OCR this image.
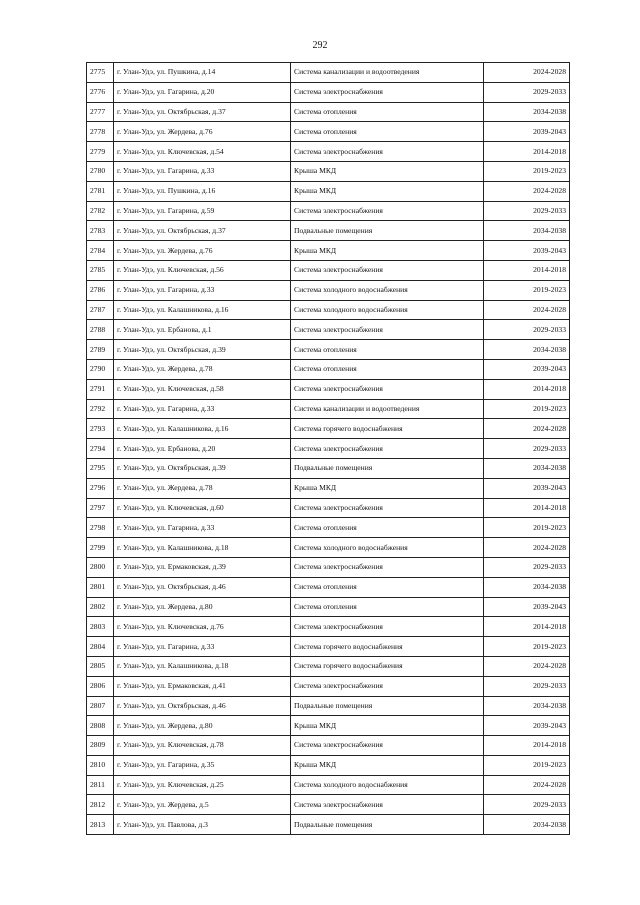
292
2775	г. Улан-Удэ, ул. Пушкина, д.14	Система канализации и водоотведения	2024-2028
2776	г. Улан-Удэ, ул. Гагарина, д.20	Система электроснабжения	2029-2033
2777	г. Улан-Удэ, ул. Октябрьская, д.37	Система отопления	2034-2038
2778	г. Улан-Удэ, ул. Жердева, д.76	Система отопления	2039-2043
2779	г. Улан-Удэ, ул. Ключевская, д.54	Система электроснабжения	2014-2018
2780	г. Улан-Удэ, ул. Гагарина, д.33	Крыша МКД	2019-2023
2781	г. Улан-Удэ, ул. Пушкина, д.16	Крыша МКД	2024-2028
2782	г. Улан-Удэ, ул. Гагарина, д.59	Система электроснабжения	2029-2033
2783	г. Улан-Удэ, ул. Октябрьская, д.37	Подвальные помещения	2034-2038
2784	г. Улан-Удэ, ул. Жердева, д.76	Крыша МКД	2039-2043
2785	г. Улан-Удэ, ул. Ключевская, д.56	Система электроснабжения	2014-2018
2786	г. Улан-Удэ, ул. Гагарина, д.33	Система холодного водоснабжения	2019-2023
2787	г. Улан-Удэ, ул. Калашникова, д.16	Система холодного водоснабжения	2024-2028
2788	г. Улан-Удэ, ул. Ербанова, д.1	Система электроснабжения	2029-2033
2789	г. Улан-Удэ, ул. Октябрьская, д.39	Система отопления	2034-2038
2790	г. Улан-Удэ, ул. Жердева, д.78	Система отопления	2039-2043
2791	г. Улан-Удэ, ул. Ключевская, д.58	Система электроснабжения	2014-2018
2792	г. Улан-Удэ, ул. Гагарина, д.33	Система канализации и водоотведения	2019-2023
2793	г. Улан-Удэ, ул. Калашникова, д.16	Система горячего водоснабжения	2024-2028
2794	г. Улан-Удэ, ул. Ербанова, д.20	Система электроснабжения	2029-2033
2795	г. Улан-Удэ, ул. Октябрьская, д.39	Подвальные помещения	2034-2038
2796	г. Улан-Удэ, ул. Жердева, д.78	Крыша МКД	2039-2043
2797	г. Улан-Удэ, ул. Ключевская, д.60	Система электроснабжения	2014-2018
2798	г. Улан-Удэ, ул. Гагарина, д.33	Система отопления	2019-2023
2799	г. Улан-Удэ, ул. Калашникова, д.18	Система холодного водоснабжения	2024-2028
2800	г. Улан-Удэ, ул. Ермаковская, д.39	Система электроснабжения	2029-2033
2801	г. Улан-Удэ, ул. Октябрьская, д.46	Система отопления	2034-2038
2802	г. Улан-Удэ, ул. Жердева, д.80	Система отопления	2039-2043
2803	г. Улан-Удэ, ул. Ключевская, д.76	Система электроснабжения	2014-2018
2804	г. Улан-Удэ, ул. Гагарина, д.33	Система горячего водоснабжения	2019-2023
2805	г. Улан-Удэ, ул. Калашникова, д.18	Система горячего водоснабжения	2024-2028
2806	г. Улан-Удэ, ул. Ермаковская, д.41	Система электроснабжения	2029-2033
2807	г. Улан-Удэ, ул. Октябрьская, д.46	Подвальные помещения	2034-2038
2808	г. Улан-Удэ, ул. Жердева, д.80	Крыша МКД	2039-2043
2809	г. Улан-Удэ, ул. Ключевская, д.78	Система электроснабжения	2014-2018
2810	г. Улан-Удэ, ул. Гагарина, д.35	Крыша МКД	2019-2023
2811	г. Улан-Удэ, ул. Ключевская, д.25	Система холодного водоснабжения	2024-2028
2812	г. Улан-Удэ, ул. Жердева, д.5	Система электроснабжения	2029-2033
2813	г. Улан-Удэ, ул. Павлова, д.3	Подвальные помещения	2034-2038
